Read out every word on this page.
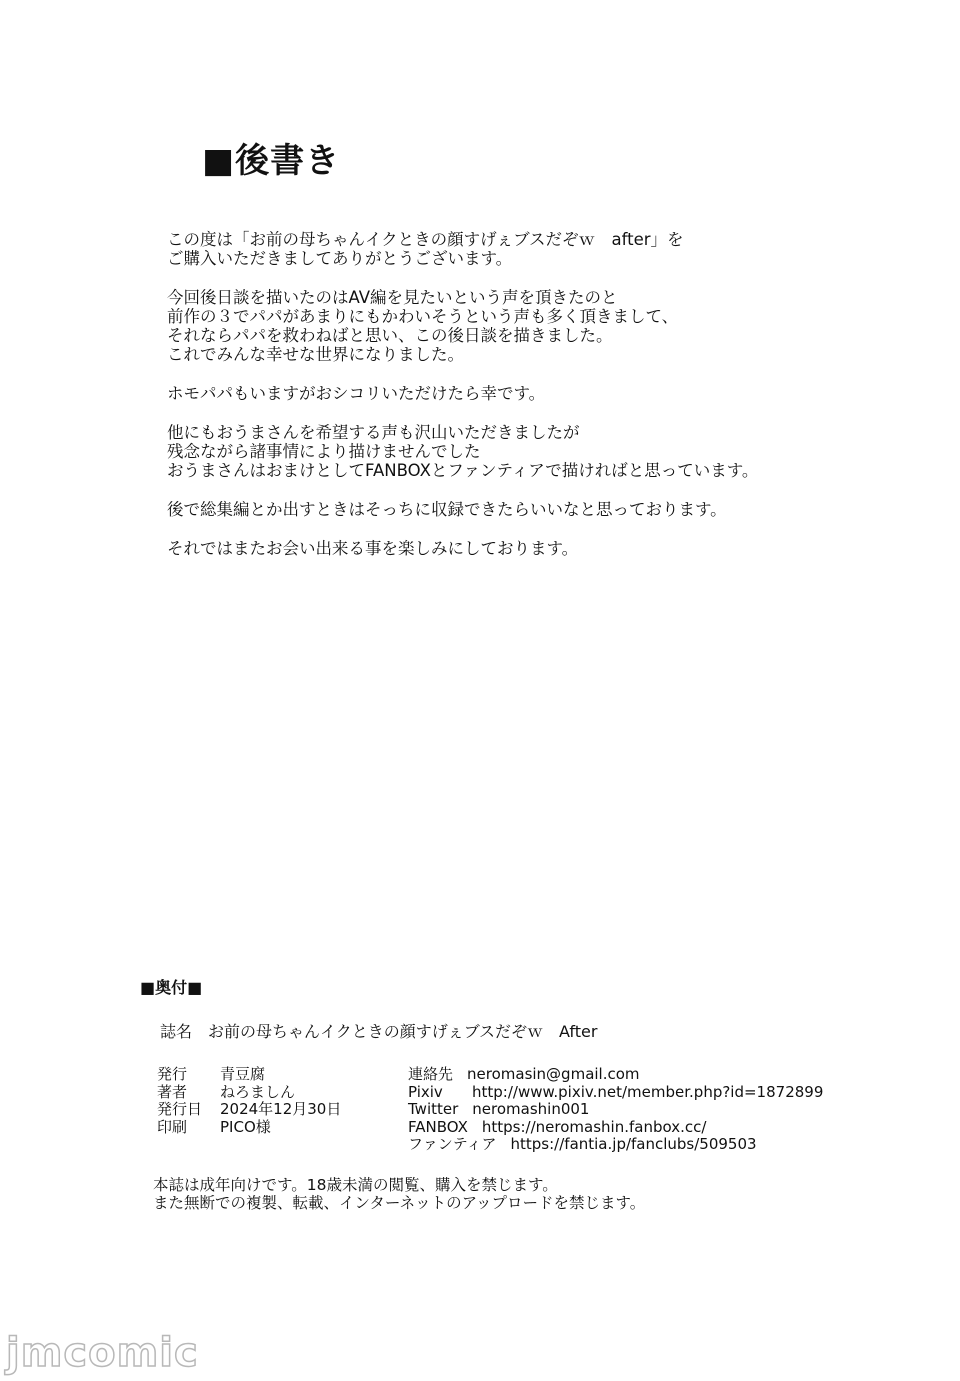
■後書き
この度は「お前の母ちゃんイクときの顔すげぇブスだぞｗ　after」を
ご購入いただきましてありがとうございます。
今回後日談を描いたのはAV編を見たいという声を頂きたのと
前作の３でパパがあまりにもかわいそうという声も多く頂きまして、
それならパパを救わねばと思い、この後日談を描きました。
これでみんな幸せな世界になりました。
ホモパパもいますがおシコリいただけたら幸です。
他にもおうまさんを希望する声も沢山いただきましたが
残念ながら諸事情により描けませんでした
おうまさんはおまけとしてFANBOXとファンティアで描ければと思っています。
後で総集編とか出すときはそっちに収録できたらいいなと思っております。
それではまたお会い出来る事を楽しみにしております。
■奥付■
誌名 お前の母ちゃんイクときの顔すげぇブスだぞｗ　After
発行 青豆腐
著者 ねろましん
発行日 2024年12月30日
印刷 PICO様
連絡先 neromasin@gmail.com
Pixiv http://www.pixiv.net/member.php?id=1872899
Twitter neromashin001
FANBOX https://neromashin.fanbox.cc/
ファンティア https://fantia.jp/fanclubs/509503
本誌は成年向けです。18歳未満の閲覧、購入を禁じます。
また無断での複製、転載、インターネットのアップロードを禁じます。
jmcomic
